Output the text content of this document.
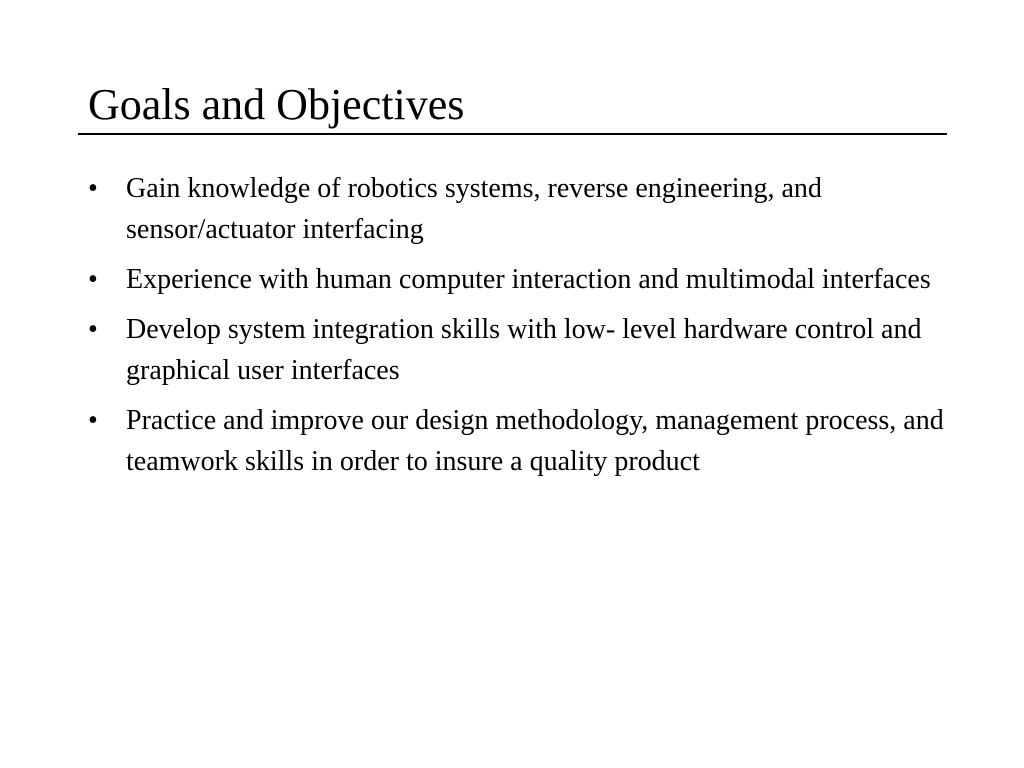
Goals and Objectives
•	Gain knowledge of robotics systems, reverse engineering, and sensor/actuator interfacing
•	Experience with human computer interaction and multimodal interfaces
•	Develop system integration skills with low- level hardware control and graphical user interfaces
•	Practice and improve our design methodology, management process, and teamwork skills in order to insure a quality product
